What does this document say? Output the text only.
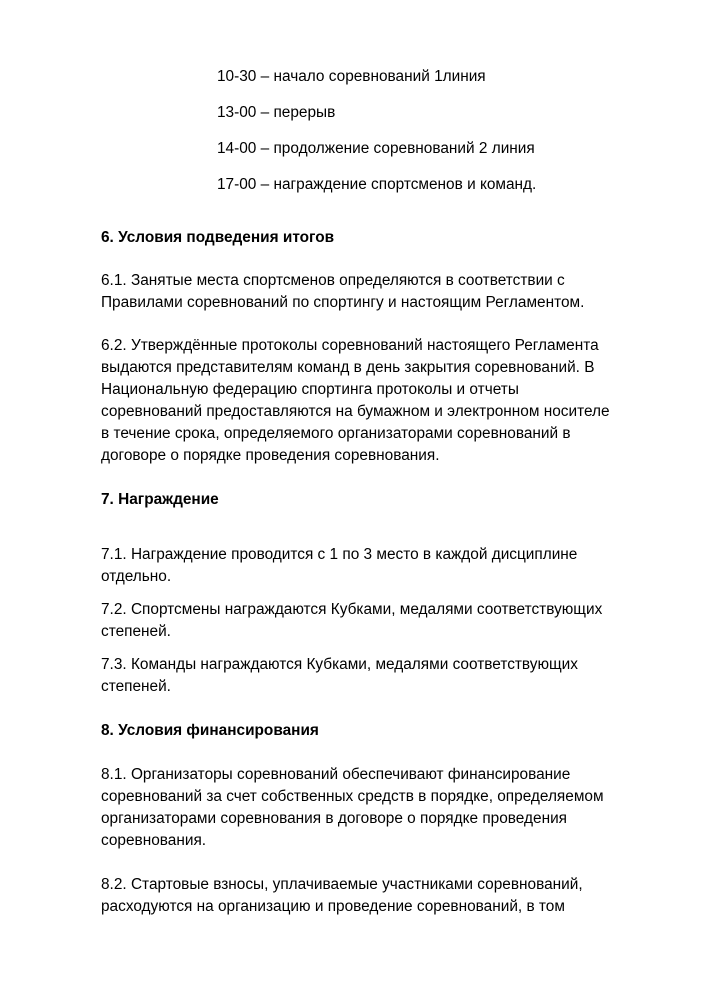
10-30 – начало соревнований 1линия
13-00 – перерыв
14-00 – продолжение соревнований 2 линия
17-00 – награждение спортсменов и команд.
6. Условия подведения итогов
6.1. Занятые места спортсменов определяются в соответствии с
Правилами соревнований по спортингу и настоящим Регламентом.
6.2. Утверждённые протоколы соревнований настоящего Регламента
выдаются представителям команд в день закрытия соревнований. В
Национальную федерацию спортинга протоколы и отчеты
соревнований предоставляются на бумажном и электронном носителе
в течение срока, определяемого организаторами соревнований в
договоре о порядке проведения соревнования.
7. Награждение
7.1. Награждение проводится с 1 по 3 место в каждой дисциплине
отдельно.
7.2. Спортсмены награждаются Кубками, медалями соответствующих
степеней.
7.3. Команды награждаются Кубками, медалями соответствующих
степеней.
8. Условия финансирования
8.1. Организаторы соревнований обеспечивают финансирование
соревнований за счет собственных средств в порядке, определяемом
организаторами соревнования в договоре о порядке проведения
соревнования.
8.2. Стартовые взносы, уплачиваемые участниками соревнований,
расходуются на организацию и проведение соревнований, в том
